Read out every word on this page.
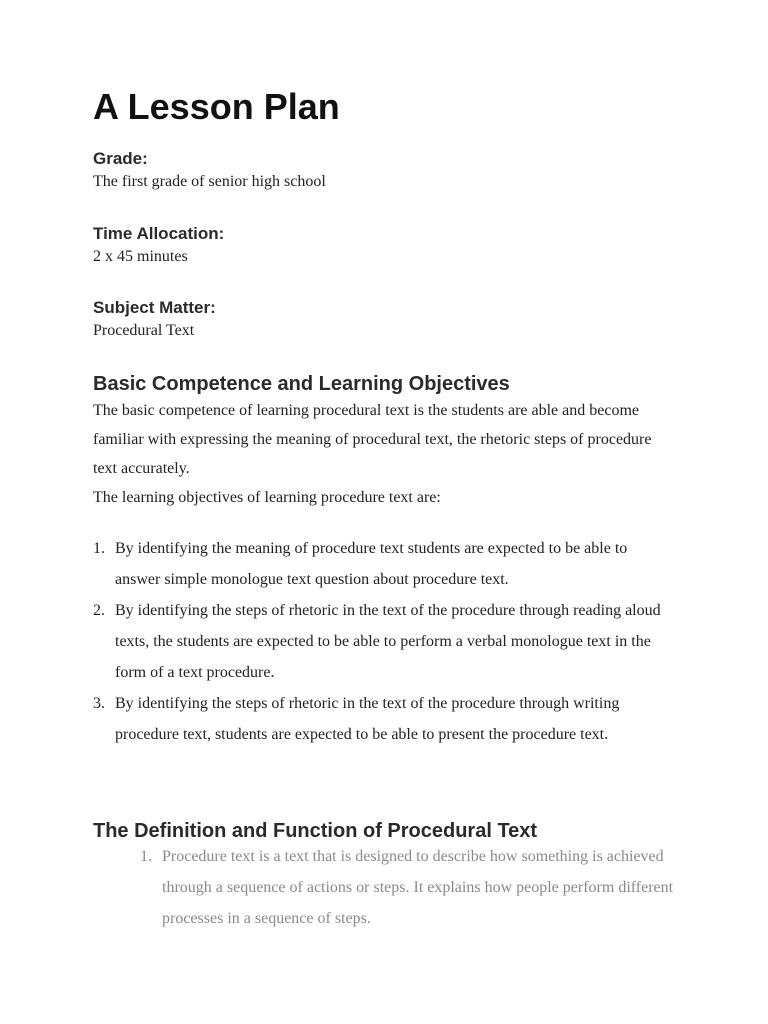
A Lesson Plan

Grade:

The first grade of senior high school

Time Allocation:

2 x 45 minutes

Subject Matter:

Procedural Text

Basic Competence and Learning Objectives

The basic competence of learning procedural text is the students are able and become familiar with expressing the meaning of procedural text, the rhetoric steps of procedure text accurately.

The learning objectives of learning procedure text are:

1. By identifying the meaning of procedure text students are expected to be able to answer simple monologue text question about procedure text.
2. By identifying the steps of rhetoric in the text of the procedure through reading aloud texts, the students are expected to be able to perform a verbal monologue text in the form of a text procedure.
3. By identifying the steps of rhetoric in the text of the procedure through writing procedure text, students are expected to be able to present the procedure text.
The Definition and Function of Procedural Text
1. Procedure text is a text that is designed to describe how something is achieved through a sequence of actions or steps. It explains how people perform different processes in a sequence of steps.
